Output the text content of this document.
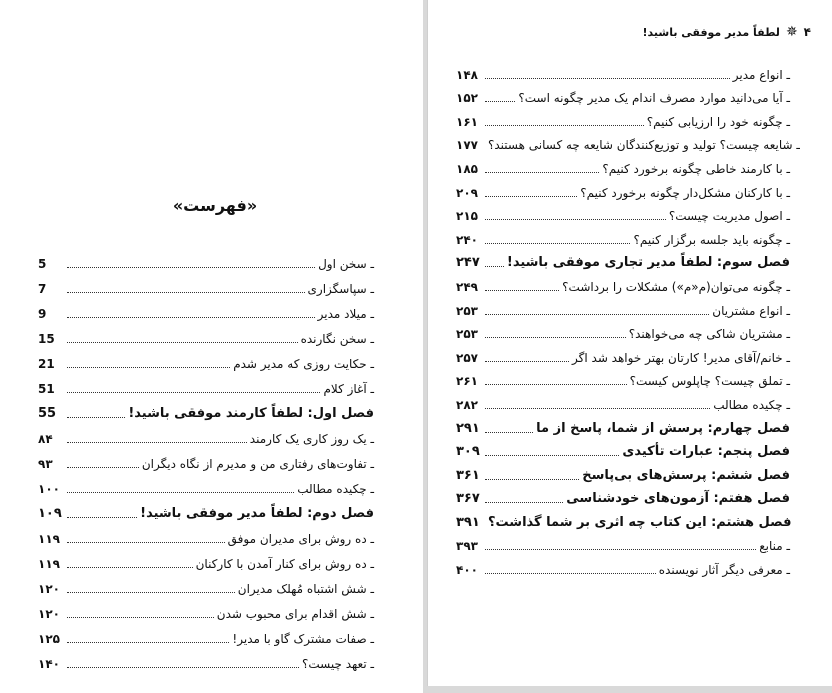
«فهرست»
۴
✵
لطفاً مدیر موفقی باشید!
5	ـ سخن اول
7	ـ سپاسگزاری
9	ـ میلاد مدیر
15	ـ سخن نگارنده
21	ـ حکایت روزی که مدیر شدم
51	ـ آغاز کلام
55	فصل اول: لطفاً کارمند موفقی باشید!
۸۴	ـ یک روز کاری یک کارمند
۹۳	ـ تفاوت‌های رفتاری من و مدیرم از نگاه دیگران
۱۰۰	ـ چکیده مطالب
۱۰۹	فصل دوم: لطفاً مدیر موفقی باشید!
۱۱۹	ـ ده روش برای مدیران موفق
۱۱۹	ـ ده روش برای کنار آمدن با کارکنان
۱۲۰	ـ شش اشتباه مُهلک مدیران
۱۲۰	ـ شش اقدام برای محبوب شدن
۱۲۵	ـ صفات مشترک گاو با مدیر!
۱۴۰	ـ تعهد چیست؟
۱۴۸	ـ انواع مدیر
۱۵۲	ـ آیا می‌دانید موارد مصرف اندام یک مدیر چگونه است؟
۱۶۱	ـ چگونه خود را ارزیابی کنیم؟
۱۷۷ ـ شایعه چیست؟ تولید و توزیع‌کنندگان شایعه چه کسانی هستند؟
۱۸۵	ـ با کارمند خاطی چگونه برخورد کنیم؟
۲۰۹	ـ با کارکنان مشکل‌دار چگونه برخورد کنیم؟
۲۱۵	ـ اصول مدیریت چیست؟
۲۴۰	ـ چگونه باید جلسه برگزار کنیم؟
۲۴۷ فصل سوم: لطفاً مدیر تجاری موفقی باشید!
۲۴۹	ـ چگونه می‌توان(م«م») مشکلات را برداشت؟
۲۵۳	ـ انواع مشتریان
۲۵۳	ـ مشتریان شاکی چه می‌خواهند؟
۲۵۷	ـ خانم/آقای مدیر! کارتان بهتر خواهد شد اگر
۲۶۱	ـ تملق چیست؟ چاپلوس کیست؟
۲۸۲	ـ چکیده مطالب
۲۹۱	فصل چهارم: پرسش از شما، پاسخ از ما
۳۰۹	فصل پنجم: عبارات تأکیدی
۳۶۱	فصل ششم: پرسش‌های بی‌پاسخ
۳۶۷	فصل هفتم: آزمون‌های خودشناسی
۳۹۱ فصل هشتم: این کتاب چه اثری بر شما گذاشت؟
۳۹۳	ـ منابع
۴۰۰	ـ معرفی دیگر آثار نویسنده
